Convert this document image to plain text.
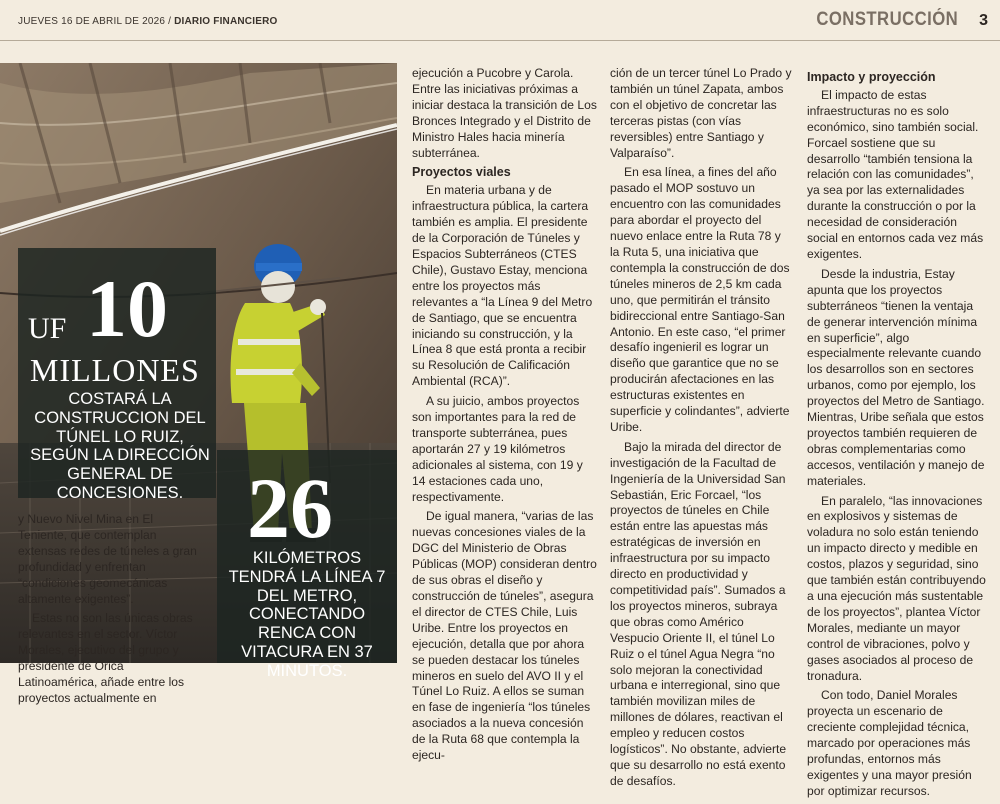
JUEVES 16 DE ABRIL DE 2026 / DIARIO FINANCIERO	CONSTRUCCIÓN 3
UF 10
MILLONES
COSTARÁ LA CONSTRUCCION DEL TÚNEL LO RUIZ, SEGÚN LA DIRECCIÓN GENERAL DE CONCESIONES. 26
KILÓMETROS TENDRÁ LA LÍNEA 7 DEL METRO, CONECTANDO RENCA CON VITACURA EN 37 MINUTOS.

y Nuevo Nivel Mina en El Teniente, que contemplan extensas redes de túneles a gran profundidad y enfrentan “condiciones geomecánicas altamente exigentes”.

Estas no son las únicas obras relevantes en el sector. Víctor Morales, ejecutivo del grupo y presidente de Orica Latinoamérica, añade entre los proyectos actualmente en

ejecución a Pucobre y Carola. Entre las iniciativas próximas a iniciar destaca la transición de Los Bronces Integrado y el Distrito de Ministro Hales hacia minería subterránea.

Proyectos viales

En materia urbana y de infraestructura pública, la cartera también es amplia. El presidente de la Corporación de Túneles y Espacios Subterráneos (CTES Chile), Gustavo Estay, menciona entre los proyectos más relevantes a “la Línea 9 del Metro de Santiago, que se encuentra iniciando su construcción, y la Línea 8 que está pronta a recibir su Resolución de Calificación Ambiental (RCA)”.

A su juicio, ambos proyectos son importantes para la red de transporte subterránea, pues aportarán 27 y 19 kilómetros adicionales al sistema, con 19 y 14 estaciones cada uno, respectivamente.

De igual manera, “varias de las nuevas concesiones viales de la DGC del Ministerio de Obras Públicas (MOP) consideran dentro de sus obras el diseño y construcción de túneles”, asegura el director de CTES Chile, Luis Uribe. Entre los proyectos en ejecución, detalla que por ahora se pueden destacar los túneles mineros en suelo del AVO II y el Túnel Lo Ruiz. A ellos se suman en fase de ingeniería “los túneles asociados a la nueva concesión de la Ruta 68 que contempla la ejecu-

ción de un tercer túnel Lo Prado y también un túnel Zapata, ambos con el objetivo de concretar las terceras pistas (con vías reversibles) entre Santiago y Valparaíso”.

En esa línea, a fines del año pasado el MOP sostuvo un encuentro con las comunidades para abordar el proyecto del nuevo enlace entre la Ruta 78 y la Ruta 5, una iniciativa que contempla la construcción de dos túneles mineros de 2,5 km cada uno, que permitirán el tránsito bidireccional entre Santiago-San Antonio. En este caso, “el primer desafío ingenieril es lograr un diseño que garantice que no se producirán afectaciones en las estructuras existentes en superficie y colindantes”, advierte Uribe.

Bajo la mirada del director de investigación de la Facultad de Ingeniería de la Universidad San Sebastián, Eric Forcael, “los proyectos de túneles en Chile están entre las apuestas más estratégicas de inversión en infraestructura por su impacto directo en productividad y competitividad país”. Sumados a los proyectos mineros, subraya que obras como Américo Vespucio Oriente II, el túnel Lo Ruiz o el túnel Agua Negra “no solo mejoran la conectividad urbana e interregional, sino que también movilizan miles de millones de dólares, reactivan el empleo y reducen costos logísticos”. No obstante, advierte que su desarrollo no está exento de desafíos.

Impacto y proyección

El impacto de estas infraestructuras no es solo económico, sino también social. Forcael sostiene que su desarrollo “también tensiona la relación con las comunidades”, ya sea por las externalidades durante la construcción o por la necesidad de consideración social en entornos cada vez más exigentes.

Desde la industria, Estay apunta que los proyectos subterráneos “tienen la ventaja de generar intervención mínima en superficie”, algo especialmente relevante cuando los desarrollos son en sectores urbanos, como por ejemplo, los proyectos del Metro de Santiago. Mientras, Uribe señala que estos proyectos también requieren de obras complementarias como accesos, ventilación y manejo de materiales.

En paralelo, “las innovaciones en explosivos y sistemas de voladura no solo están teniendo un impacto directo y medible en costos, plazos y seguridad, sino que también están contribuyendo a una ejecución más sustentable de los proyectos”, plantea Víctor Morales, mediante un mayor control de vibraciones, polvo y gases asociados al proceso de tronadura.

Con todo, Daniel Morales proyecta un escenario de creciente complejidad técnica, marcado por operaciones más profundas, entornos más exigentes y una mayor presión por optimizar recursos.
